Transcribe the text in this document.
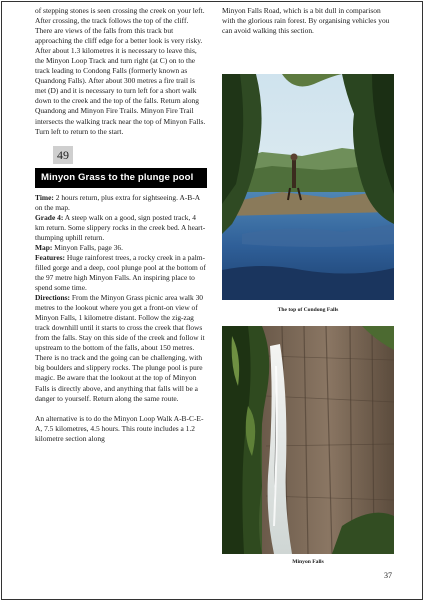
of stepping stones is seen crossing the creek on your left. After crossing, the track follows the top of the cliff. There are views of the falls from this track but approaching the cliff edge for a better look is very risky. After about 1.3 kilometres it is necessary to leave this, the Minyon Loop Track and turn right (at C) on to the track leading to Condong Falls (formerly known as Quandong Falls). After about 300 metres a fire trail is met (D) and it is necessary to turn left for a short walk down to the creek and the top of the falls. Return along Quandong and Minyon Fire Trails. Minyon Fire Trail intersects the walking track near the top of Minyon Falls. Turn left to return to the start.

49
Minyon Grass to the plunge pool

Time: 2 hours return, plus extra for sightseeing. A-B-A on the map.

Grade 4: A steep walk on a good, sign posted track, 4 km return. Some slippery rocks in the creek bed. A heart-thumping uphill return.

Map: Minyon Falls, page 36.

Features: Huge rainforest trees, a rocky creek in a palm-filled gorge and a deep, cool plunge pool at the bottom of the 97 metre high Minyon Falls. An inspiring place to spend some time.

Directions: From the Minyon Grass picnic area walk 30 metres to the lookout where you get a front-on view of Minyon Falls, 1 kilometre distant. Follow the zig-zag track downhill until it starts to cross the creek that flows from the falls. Stay on this side of the creek and follow it upstream to the bottom of the falls, about 150 metres. There is no track and the going can be challenging, with big boulders and slippery rocks. The plunge pool is pure magic. Be aware that the lookout at the top of Minyon Falls is directly above, and anything that falls will be a danger to yourself. Return along the same route.

An alternative is to do the Minyon Loop Walk A-B-C-E-A, 7.5 kilometres, 4.5 hours. This route includes a 1.2 kilometre section along

Minyon Falls Road, which is a bit dull in comparison with the glorious rain forest. By organising vehicles you can avoid walking this section.

The top of Condong Falls
Minyon Falls
37
